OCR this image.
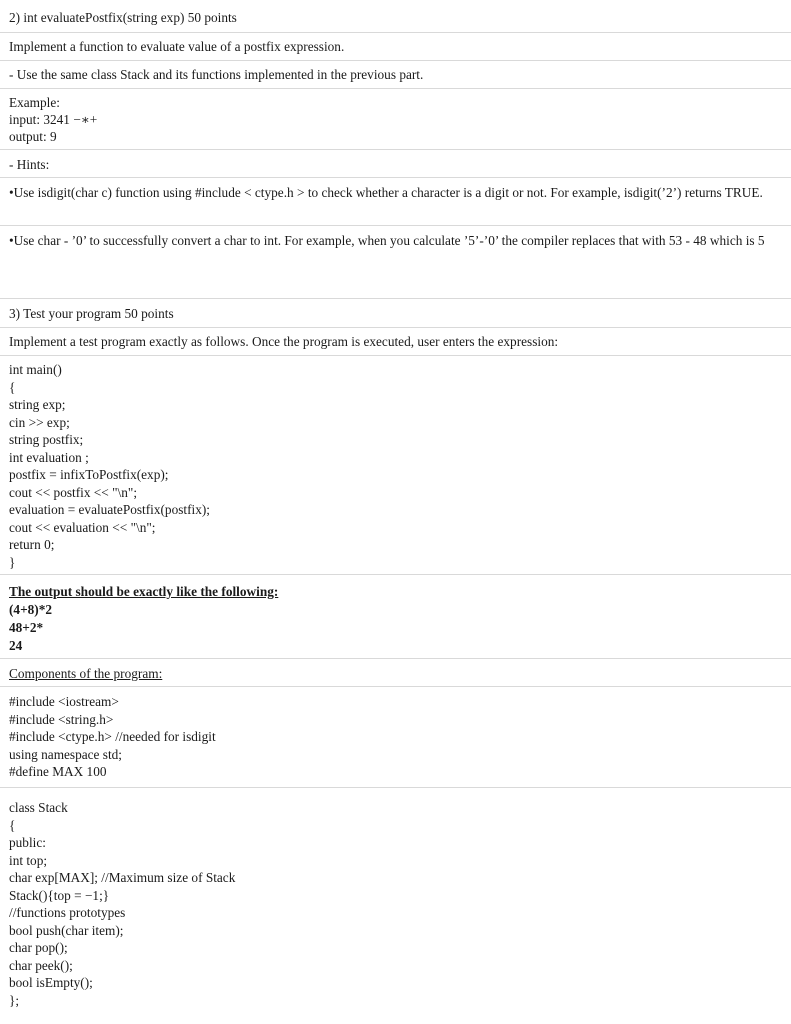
2) int evaluatePostfix(string exp) 50 points
Implement a function to evaluate value of a postfix expression.
- Use the same class Stack and its functions implemented in the previous part.
Example:
input: 3241 −∗+
output: 9
- Hints:
•Use isdigit(char c) function using #include < ctype.h > to check whether a character is a digit or not. For example, isdigit(’2’) returns TRUE.
•Use char - ’0’ to successfully convert a char to int. For example, when you calculate ’5’-’0’ the compiler replaces that with 53 - 48 which is 5
3) Test your program 50 points
Implement a test program exactly as follows. Once the program is executed, user enters the expression:
int main()
{
string exp;
cin >> exp;
string postfix;
int evaluation ;
postfix = infixToPostfix(exp);
cout << postfix << "\n";
evaluation = evaluatePostfix(postfix);
cout << evaluation << "\n";
return 0;
}
The output should be exactly like the following:
(4+8)*2
48+2*
24
Components of the program:
#include <iostream>
#include <string.h>
#include <ctype.h> //needed for isdigit
using namespace std;
#define MAX 100
class Stack
{
public:
int top;
char exp[MAX]; //Maximum size of Stack
Stack(){top = −1;}
//functions prototypes
bool push(char item);
char pop();
char peek();
bool isEmpty();
};
